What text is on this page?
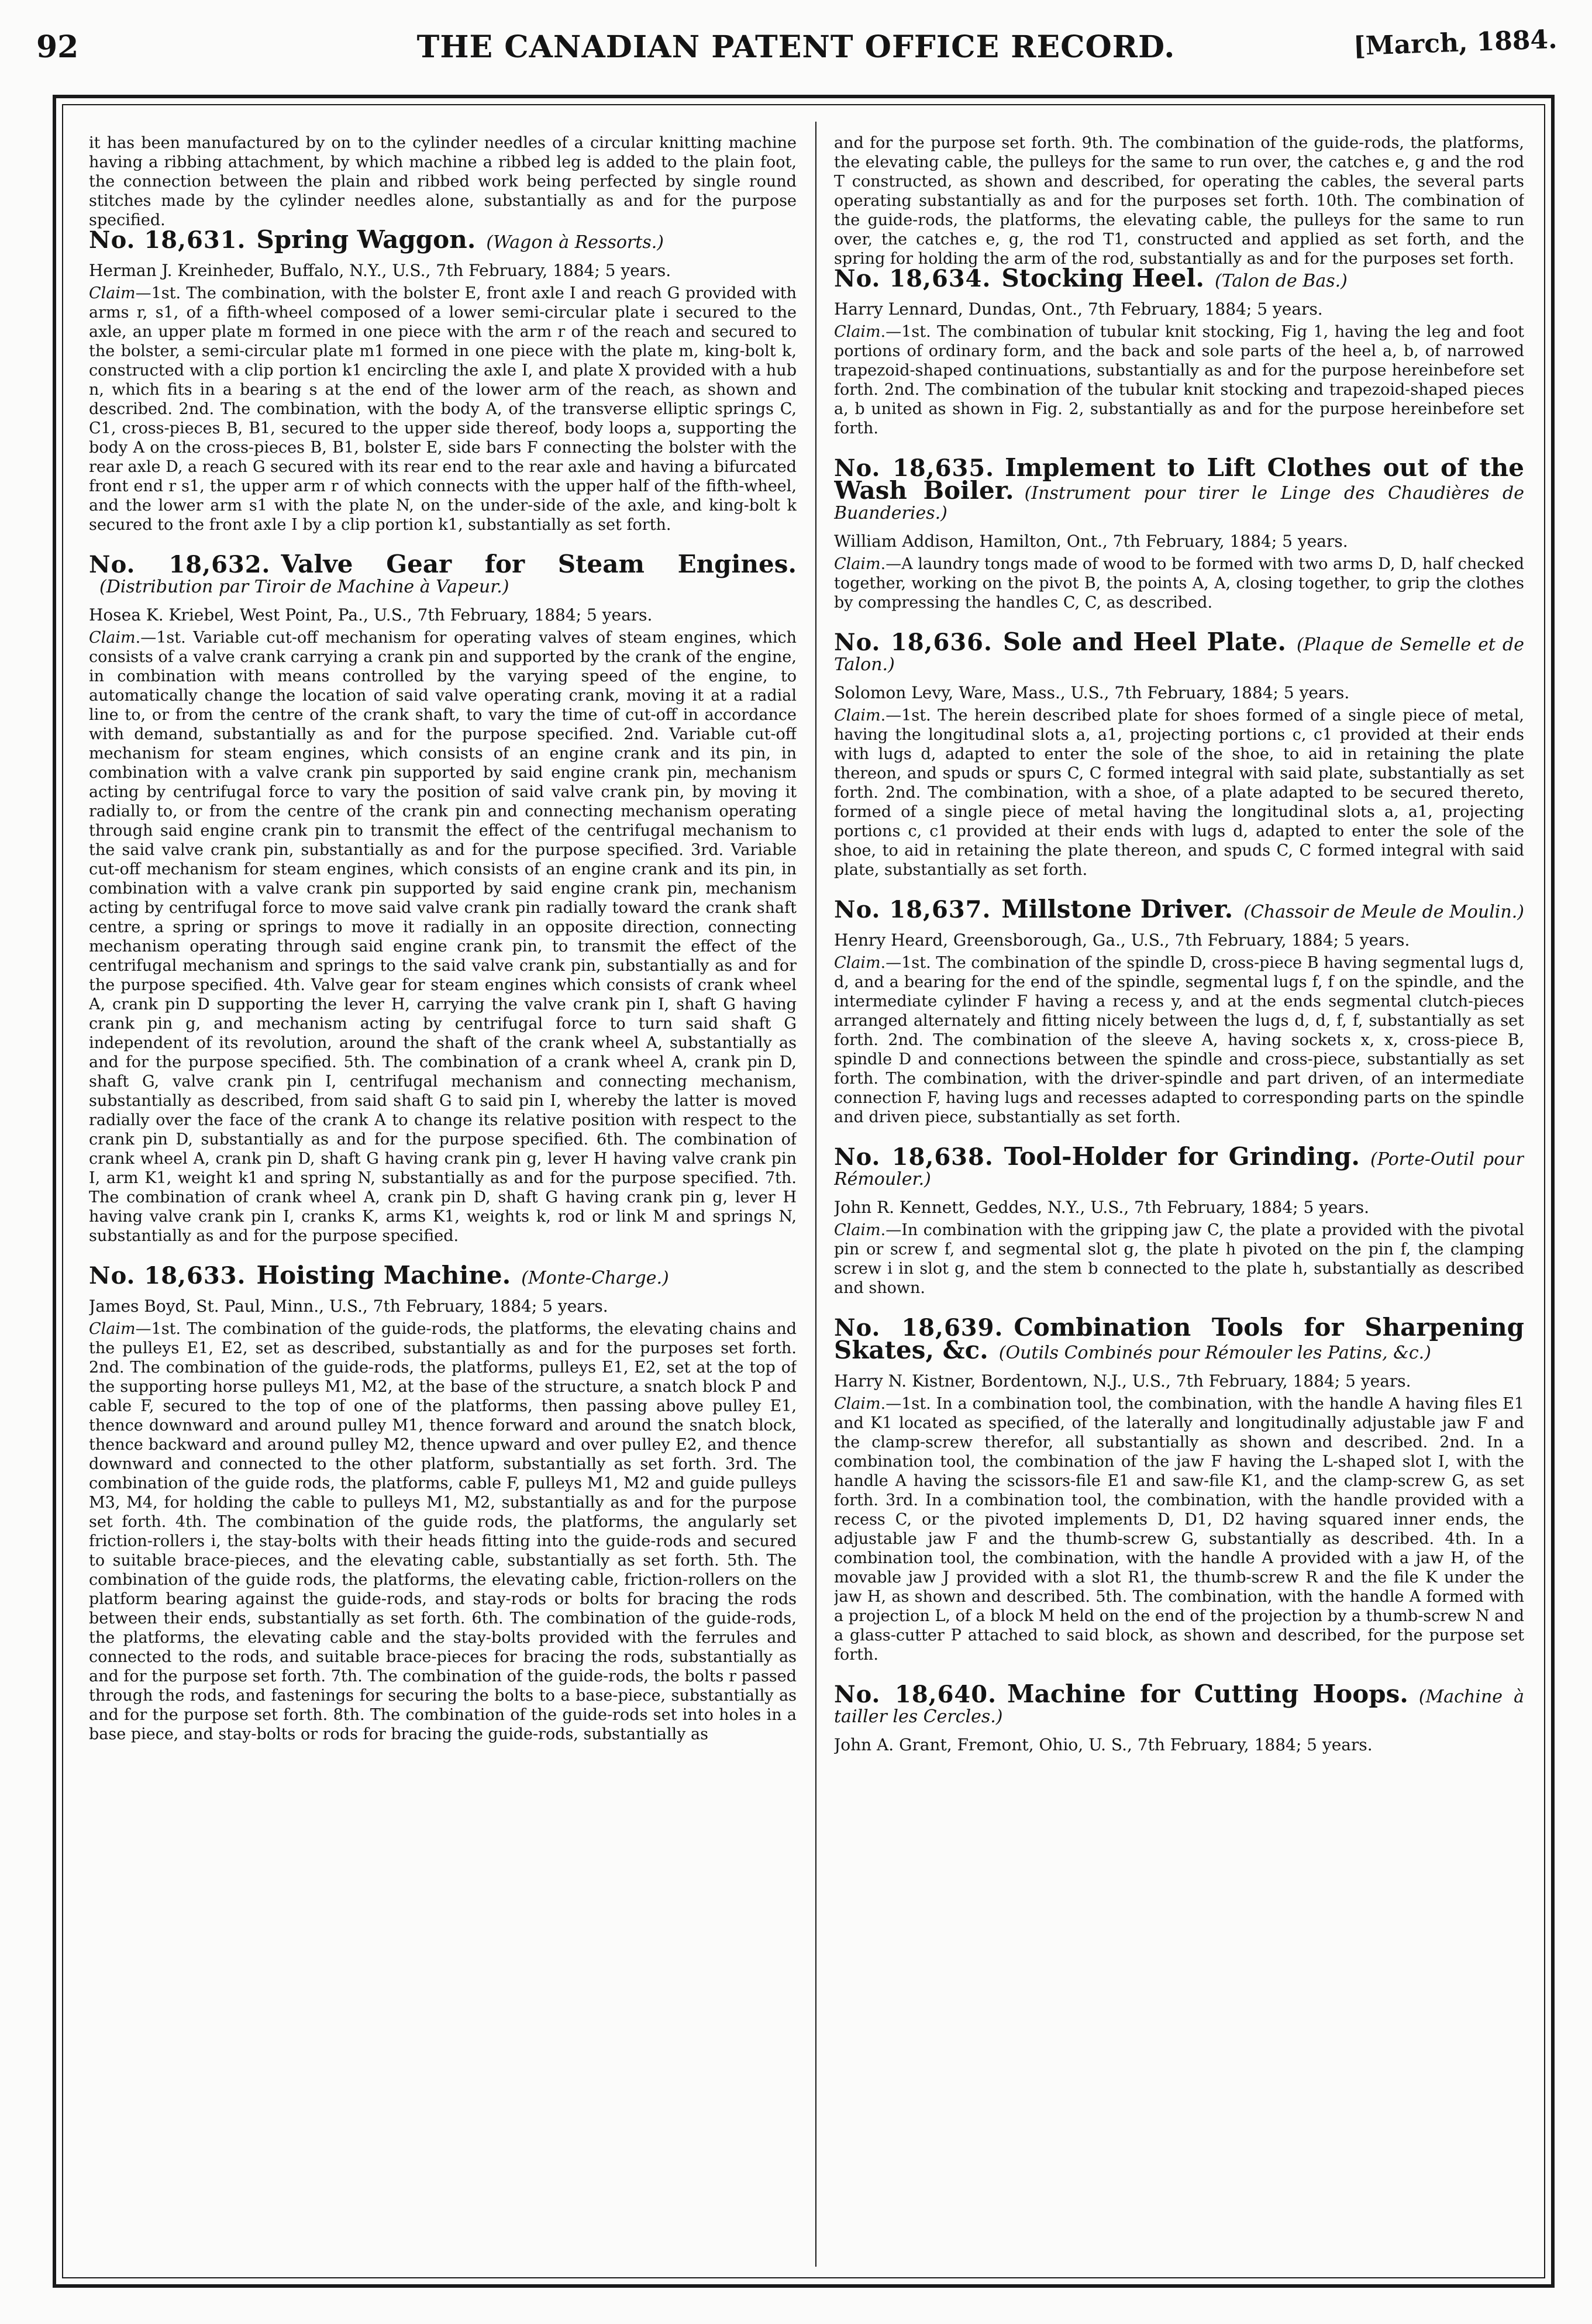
92	THE CANADIAN PATENT OFFICE RECORD.	[March, 1884.

it has been manufactured by on to the cylinder needles of a circular knitting machine having a ribbing attachment, by which machine a ribbed leg is added to the plain foot, the connection between the plain and ribbed work being perfected by single round stitches made by the cylinder needles alone, substantially as and for the purpose specified.

No. 18,631. Spring Waggon. (Wagon à Ressorts.)

Herman J. Kreinheder, Buffalo, N.Y., U.S., 7th February, 1884; 5 years.

Claim—1st. The combination, with the bolster E, front axle I and reach G provided with arms r, s1, of a fifth-wheel composed of a lower semi-circular plate i secured to the axle, an upper plate m formed in one piece with the arm r of the reach and secured to the bolster, a semi-circular plate m1 formed in one piece with the plate m, king-bolt k, constructed with a clip portion k1 encircling the axle I, and plate X provided with a hub n, which fits in a bearing s at the end of the lower arm of the reach, as shown and described. 2nd. The combination, with the body A, of the transverse elliptic springs C, C1, cross-pieces B, B1, secured to the upper side thereof, body loops a, supporting the body A on the cross-pieces B, B1, bolster E, side bars F connecting the bolster with the rear axle D, a reach G secured with its rear end to the rear axle and having a bifurcated front end r s1, the upper arm r of which connects with the upper half of the fifth-wheel, and the lower arm s1 with the plate N, on the under-side of the axle, and king-bolt k secured to the front axle I by a clip portion k1, substantially as set forth.

No. 18,632. Valve Gear for Steam Engines.(Distribution par Tiroir de Machine à Vapeur.)

Hosea K. Kriebel, West Point, Pa., U.S., 7th February, 1884; 5 years.

Claim.—1st. Variable cut-off mechanism for operating valves of steam engines, which consists of a valve crank carrying a crank pin and supported by the crank of the engine, in combination with means controlled by the varying speed of the engine, to automatically change the location of said valve operating crank, moving it at a radial line to, or from the centre of the crank shaft, to vary the time of cut-off in accordance with demand, substantially as and for the purpose specified. 2nd. Variable cut-off mechanism for steam engines, which consists of an engine crank and its pin, in combination with a valve crank pin supported by said engine crank pin, mechanism acting by centrifugal force to vary the position of said valve crank pin, by moving it radially to, or from the centre of the crank pin and connecting mechanism operating through said engine crank pin to transmit the effect of the centrifugal mechanism to the said valve crank pin, substantially as and for the purpose specified. 3rd. Variable cut-off mechanism for steam engines, which consists of an engine crank and its pin, in combination with a valve crank pin supported by said engine crank pin, mechanism acting by centrifugal force to move said valve crank pin radially toward the crank shaft centre, a spring or springs to move it radially in an opposite direction, connecting mechanism operating through said engine crank pin, to transmit the effect of the centrifugal mechanism and springs to the said valve crank pin, substantially as and for the purpose specified. 4th. Valve gear for steam engines which consists of crank wheel A, crank pin D supporting the lever H, carrying the valve crank pin I, shaft G having crank pin g, and mechanism acting by centrifugal force to turn said shaft G independent of its revolution, around the shaft of the crank wheel A, substantially as and for the purpose specified. 5th. The combination of a crank wheel A, crank pin D, shaft G, valve crank pin I, centrifugal mechanism and connecting mechanism, substantially as described, from said shaft G to said pin I, whereby the latter is moved radially over the face of the crank A to change its relative position with respect to the crank pin D, substantially as and for the purpose specified. 6th. The combination of crank wheel A, crank pin D, shaft G having crank pin g, lever H having valve crank pin I, arm K1, weight k1 and spring N, substantially as and for the purpose specified. 7th. The combination of crank wheel A, crank pin D, shaft G having crank pin g, lever H having valve crank pin I, cranks K, arms K1, weights k, rod or link M and springs N, substantially as and for the purpose specified.

No. 18,633. Hoisting Machine. (Monte-Charge.)

James Boyd, St. Paul, Minn., U.S., 7th February, 1884; 5 years.

Claim—1st. The combination of the guide-rods, the platforms, the elevating chains and the pulleys E1, E2, set as described, substantially as and for the purposes set forth. 2nd. The combination of the guide-rods, the platforms, pulleys E1, E2, set at the top of the supporting horse pulleys M1, M2, at the base of the structure, a snatch block P and cable F, secured to the top of one of the platforms, then passing above pulley E1, thence downward and around pulley M1, thence forward and around the snatch block, thence backward and around pulley M2, thence upward and over pulley E2, and thence downward and connected to the other platform, substantially as set forth. 3rd. The combination of the guide rods, the platforms, cable F, pulleys M1, M2 and guide pulleys M3, M4, for holding the cable to pulleys M1, M2, substantially as and for the purpose set forth. 4th. The combination of the guide rods, the platforms, the angularly set friction-rollers i, the stay-bolts with their heads fitting into the guide-rods and secured to suitable brace-pieces, and the elevating cable, substantially as set forth. 5th. The combination of the guide rods, the platforms, the elevating cable, friction-rollers on the platform bearing against the guide-rods, and stay-rods or bolts for bracing the rods between their ends, substantially as set forth. 6th. The combination of the guide-rods, the platforms, the elevating cable and the stay-bolts provided with the ferrules and connected to the rods, and suitable brace-pieces for bracing the rods, substantially as and for the purpose set forth. 7th. The combination of the guide-rods, the bolts r passed through the rods, and fastenings for securing the bolts to a base-piece, substantially as and for the purpose set forth. 8th. The combination of the guide-rods set into holes in a base piece, and stay-bolts or rods for bracing the guide-rods, substantially as

and for the purpose set forth. 9th. The combination of the guide-rods, the platforms, the elevating cable, the pulleys for the same to run over, the catches e, g and the rod T constructed, as shown and described, for operating the cables, the several parts operating substantially as and for the purposes set forth. 10th. The combination of the guide-rods, the platforms, the elevating cable, the pulleys for the same to run over, the catches e, g, the rod T1, constructed and applied as set forth, and the spring for holding the arm of the rod, substantially as and for the purposes set forth.

No. 18,634. Stocking Heel. (Talon de Bas.)

Harry Lennard, Dundas, Ont., 7th February, 1884; 5 years.

Claim.—1st. The combination of tubular knit stocking, Fig 1, having the leg and foot portions of ordinary form, and the back and sole parts of the heel a, b, of narrowed trapezoid-shaped continuations, substantially as and for the purpose hereinbefore set forth. 2nd. The combination of the tubular knit stocking and trapezoid-shaped pieces a, b united as shown in Fig. 2, substantially as and for the purpose hereinbefore set forth.

No. 18,635. Implement to Lift Clothes out of the Wash Boiler. (Instrument pour tirer le Linge des Chaudières de Buanderies.)

William Addison, Hamilton, Ont., 7th February, 1884; 5 years.

Claim.—A laundry tongs made of wood to be formed with two arms D, D, half checked together, working on the pivot B, the points A, A, closing together, to grip the clothes by compressing the handles C, C, as described.

No. 18,636. Sole and Heel Plate. (Plaque de Semelle et de Talon.)

Solomon Levy, Ware, Mass., U.S., 7th February, 1884; 5 years.

Claim.—1st. The herein described plate for shoes formed of a single piece of metal, having the longitudinal slots a, a1, projecting portions c, c1 provided at their ends with lugs d, adapted to enter the sole of the shoe, to aid in retaining the plate thereon, and spuds or spurs C, C formed integral with said plate, substantially as set forth. 2nd. The combination, with a shoe, of a plate adapted to be secured thereto, formed of a single piece of metal having the longitudinal slots a, a1, projecting portions c, c1 provided at their ends with lugs d, adapted to enter the sole of the shoe, to aid in retaining the plate thereon, and spuds C, C formed integral with said plate, substantially as set forth.

No. 18,637. Millstone Driver. (Chassoir de Meule de Moulin.)

Henry Heard, Greensborough, Ga., U.S., 7th February, 1884; 5 years.

Claim.—1st. The combination of the spindle D, cross-piece B having segmental lugs d, d, and a bearing for the end of the spindle, segmental lugs f, f on the spindle, and the intermediate cylinder F having a recess y, and at the ends segmental clutch-pieces arranged alternately and fitting nicely between the lugs d, d, f, f, substantially as set forth. 2nd. The combination of the sleeve A, having sockets x, x, cross-piece B, spindle D and connections between the spindle and cross-piece, substantially as set forth. The combination, with the driver-spindle and part driven, of an intermediate connection F, having lugs and recesses adapted to corresponding parts on the spindle and driven piece, substantially as set forth.

No. 18,638. Tool-Holder for Grinding. (Porte-Outil pour Rémouler.)

John R. Kennett, Geddes, N.Y., U.S., 7th February, 1884; 5 years.

Claim.—In combination with the gripping jaw C, the plate a provided with the pivotal pin or screw f, and segmental slot g, the plate h pivoted on the pin f, the clamping screw i in slot g, and the stem b connected to the plate h, substantially as described and shown.

No. 18,639. Combination Tools for Sharpening Skates, &c. (Outils Combinés pour Rémouler les Patins, &c.)

Harry N. Kistner, Bordentown, N.J., U.S., 7th February, 1884; 5 years.

Claim.—1st. In a combination tool, the combination, with the handle A having files E1 and K1 located as specified, of the laterally and longitudinally adjustable jaw F and the clamp-screw therefor, all substantially as shown and described. 2nd. In a combination tool, the combination of the jaw F having the L-shaped slot I, with the handle A having the scissors-file E1 and saw-file K1, and the clamp-screw G, as set forth. 3rd. In a combination tool, the combination, with the handle provided with a recess C, or the pivoted implements D, D1, D2 having squared inner ends, the adjustable jaw F and the thumb-screw G, substantially as described. 4th. In a combination tool, the combination, with the handle A provided with a jaw H, of the movable jaw J provided with a slot R1, the thumb-screw R and the file K under the jaw H, as shown and described. 5th. The combination, with the handle A formed with a projection L, of a block M held on the end of the projection by a thumb-screw N and a glass-cutter P attached to said block, as shown and described, for the purpose set forth.

No. 18,640. Machine for Cutting Hoops. (Machine à tailler les Cercles.)

John A. Grant, Fremont, Ohio, U. S., 7th February, 1884; 5 years.
